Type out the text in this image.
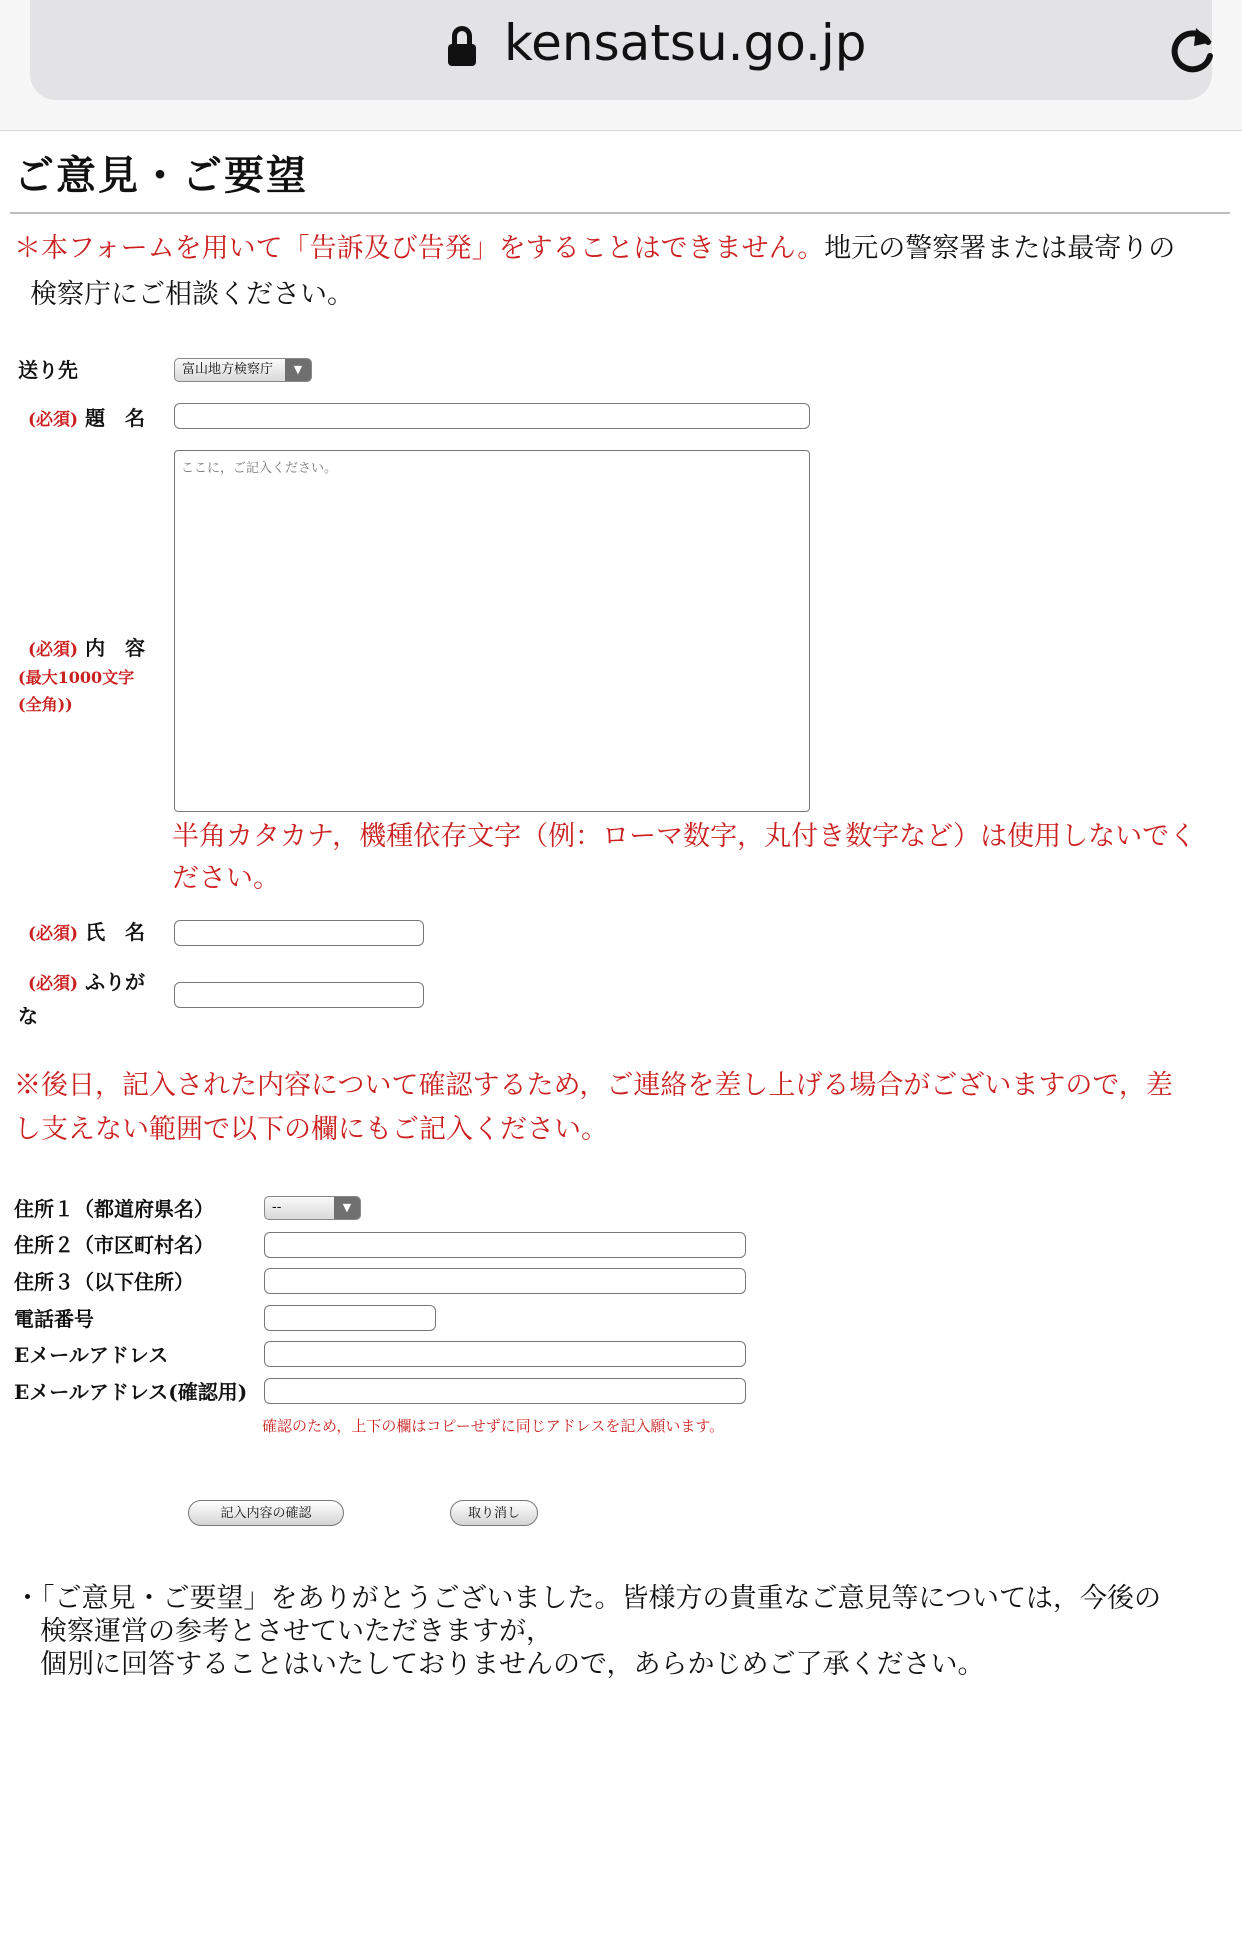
kensatsu.go.jp
ご意見・ご要望
＊本フォームを用いて「告訴及び告発」をすることはできません。地元の警察署または最寄りの
検察庁にご相談ください。
送り先	富山地方検察庁	▼
(必須) 題　名
ここに，ご記入ください。
(必須) 内　容
(最大1000文字(全角))
半角カタカナ，機種依存文字（例：ローマ数字，丸付き数字など）は使用しないでください。
(必須) 氏　名
(必須) ふりがな
※後日，記入された内容について確認するため，ご連絡を差し上げる場合がございますので，差し支えない範囲で以下の欄にもご記入ください。
住所１（都道府県名）	--	▼
住所２（市区町村名）
住所３（以下住所）
電話番号
Eメールアドレス
Eメールアドレス(確認用)
確認のため，上下の欄はコピーせずに同じアドレスを記入願います。
記入内容の確認	取り消し
・「ご意見・ご要望」をありがとうございました。皆様方の貴重なご意見等については，今後の
検察運営の参考とさせていただきますが，
個別に回答することはいたしておりませんので，あらかじめご了承ください。
